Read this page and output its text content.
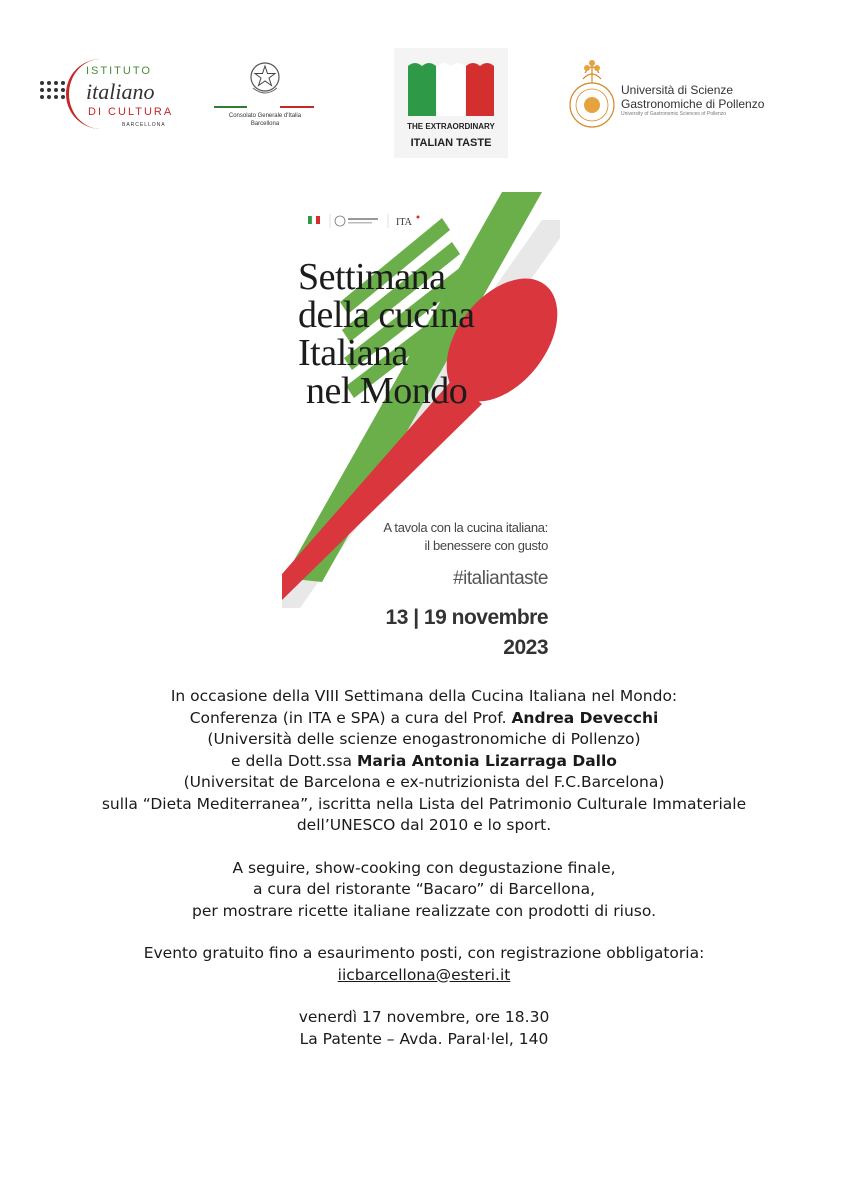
ISTITUTO
italiano
DI CULTURA
BARCELLONA
Consolato Generale d'Italia
Barcellona	THE EXTRAORDINARY
ITALIAN TASTE
Università di Scienze
Gastronomiche di Pollenzo
University of Gastronomic Sciences of Pollenzo
ITA
Settimana
della cucina
Italiana
nel Mondo
A tavola con la cucina italiana:
il benessere con gusto
#italiantaste
13 | 19 novembre
2023

In occasione della VIII Settimana della Cucina Italiana nel Mondo:

Conferenza (in ITA e SPA) a cura del Prof. Andrea Devecchi

(Università delle scienze enogastronomiche di Pollenzo)

e della Dott.ssa Maria Antonia Lizarraga Dallo

(Universitat de Barcelona e ex-nutrizionista del F.C.Barcelona)

sulla “Dieta Mediterranea”, iscritta nella Lista del Patrimonio Culturale Immateriale

dell’UNESCO dal 2010 e lo sport.

A seguire, show-cooking con degustazione finale,

a cura del ristorante “Bacaro” di Barcellona,

per mostrare ricette italiane realizzate con prodotti di riuso.

Evento gratuito fino a esaurimento posti, con registrazione obbligatoria:

iicbarcellona@esteri.it

venerdì 17 novembre, ore 18.30

La Patente – Avda. Paral·lel, 140
